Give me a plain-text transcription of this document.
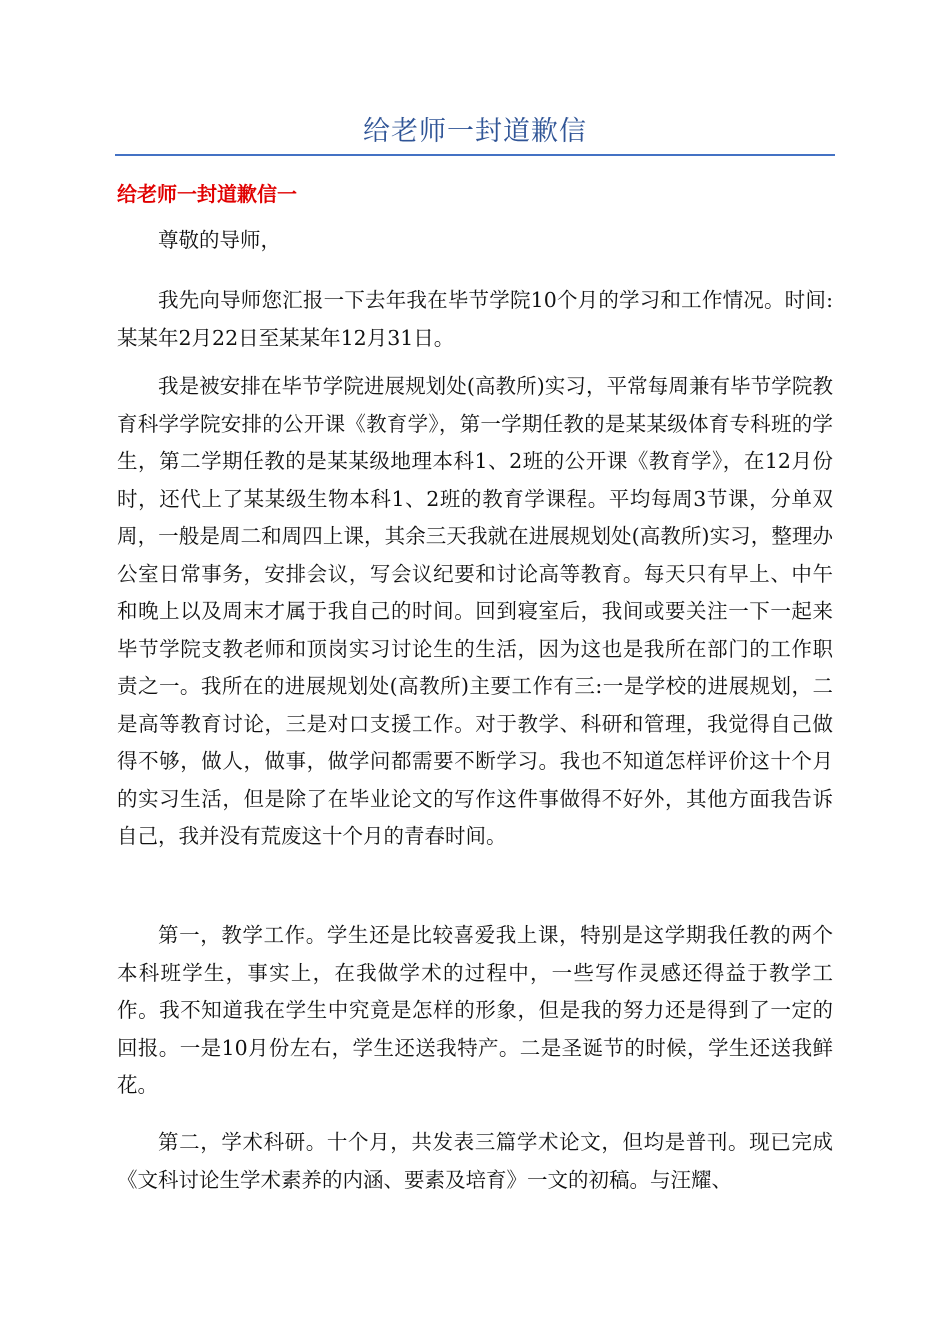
给老师一封道歉信
给老师一封道歉信一

尊敬的导师，

我先向导师您汇报一下去年我在毕节学院10个月的学习和工作情况。时间:某某年2月22日至某某年12月31日。

我是被安排在毕节学院进展规划处(高教所)实习，平常每周兼有毕节学院教育科学学院安排的公开课《教育学》，第一学期任教的是某某级体育专科班的学生，第二学期任教的是某某级地理本科1、2班的公开课《教育学》，在12月份时，还代上了某某级生物本科1、2班的教育学课程。平均每周3节课，分单双周，一般是周二和周四上课，其余三天我就在进展规划处(高教所)实习，整理办公室日常事务，安排会议，写会议纪要和讨论高等教育。每天只有早上、中午和晚上以及周末才属于我自己的时间。回到寝室后，我间或要关注一下一起来毕节学院支教老师和顶岗实习讨论生的生活，因为这也是我所在部门的工作职责之一。我所在的进展规划处(高教所)主要工作有三:一是学校的进展规划，二是高等教育讨论，三是对口支援工作。对于教学、科研和管理，我觉得自己做得不够，做人，做事，做学问都需要不断学习。我也不知道怎样评价这十个月的实习生活，但是除了在毕业论文的写作这件事做得不好外，其他方面我告诉自己，我并没有荒废这十个月的青春时间。

第一，教学工作。学生还是比较喜爱我上课，特别是这学期我任教的两个本科班学生，事实上，在我做学术的过程中，一些写作灵感还得益于教学工作。我不知道我在学生中究竟是怎样的形象，但是我的努力还是得到了一定的回报。一是10月份左右，学生还送我特产。二是圣诞节的时候，学生还送我鲜花。

第二，学术科研。十个月，共发表三篇学术论文，但均是普刊。现已完成《文科讨论生学术素养的内涵、要素及培育》一文的初稿。与汪耀、
